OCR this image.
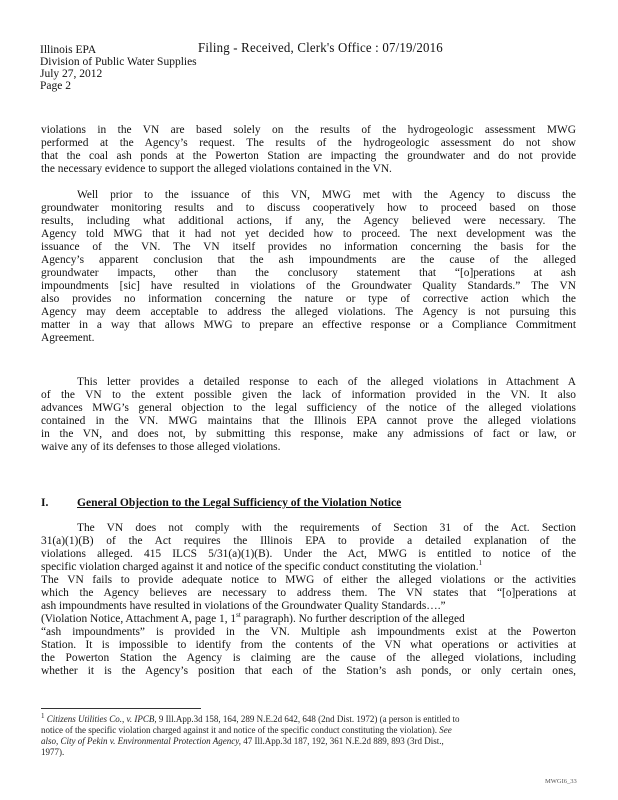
Illinois EPA
Division of Public Water Supplies
July 27, 2012
Page 2
Filing - Received, Clerk's Office : 07/19/2016
violations in the VN are based solely on the results of the hydrogeologic assessment MWG
performed at the Agency’s request. The results of the hydrogeologic assessment do not show
that the coal ash ponds at the Powerton Station are impacting the groundwater and do not provide
the necessary evidence to support the alleged violations contained in the VN.
Well prior to the issuance of this VN, MWG met with the Agency to discuss the
groundwater monitoring results and to discuss cooperatively how to proceed based on those
results, including what additional actions, if any, the Agency believed were necessary. The
Agency told MWG that it had not yet decided how to proceed. The next development was the
issuance of the VN. The VN itself provides no information concerning the basis for the
Agency’s apparent conclusion that the ash impoundments are the cause of the alleged
groundwater impacts, other than the conclusory statement that “[o]perations at ash
impoundments [sic] have resulted in violations of the Groundwater Quality Standards.” The VN
also provides no information concerning the nature or type of corrective action which the
Agency may deem acceptable to address the alleged violations. The Agency is not pursuing this
matter in a way that allows MWG to prepare an effective response or a Compliance Commitment
Agreement.
This letter provides a detailed response to each of the alleged violations in Attachment A
of the VN to the extent possible given the lack of information provided in the VN. It also
advances MWG’s general objection to the legal sufficiency of the notice of the alleged violations
contained in the VN. MWG maintains that the Illinois EPA cannot prove the alleged violations
in the VN, and does not, by submitting this response, make any admissions of fact or law, or
waive any of its defenses to those alleged violations.
I. General Objection to the Legal Sufficiency of the Violation Notice
The VN does not comply with the requirements of Section 31 of the Act. Section
31(a)(1)(B) of the Act requires the Illinois EPA to provide a detailed explanation of the
violations alleged. 415 ILCS 5/31(a)(1)(B). Under the Act, MWG is entitled to notice of the
specific violation charged against it and notice of the specific conduct constituting the violation.$^1$
The VN fails to provide adequate notice to MWG of either the alleged violations or the activities
which the Agency believes are necessary to address them. The VN states that “[o]perations at
ash impoundments have resulted in violations of the Groundwater Quality Standards….”
(Violation Notice, Attachment A, page 1, 1st paragraph). No further description of the alleged
“ash impoundments” is provided in the VN. Multiple ash impoundments exist at the Powerton
Station. It is impossible to identify from the contents of the VN what operations or activities at
the Powerton Station the Agency is claiming are the cause of the alleged violations, including
whether it is the Agency’s position that each of the Station’s ash ponds, or only certain ones,
$^1$ Citizens Utilities Co., v. IPCB, 9 Ill.App.3d 158, 164, 289 N.E.2d 642, 648 (2nd Dist. 1972) (a person is entitled to
notice of the specific violation charged against it and notice of the specific conduct constituting the violation). See
also, City of Pekin v. Environmental Protection Agency, 47 Ill.App.3d 187, 192, 361 N.E.2d 889, 893 (3rd Dist.,
1977).
MWGI6_33
